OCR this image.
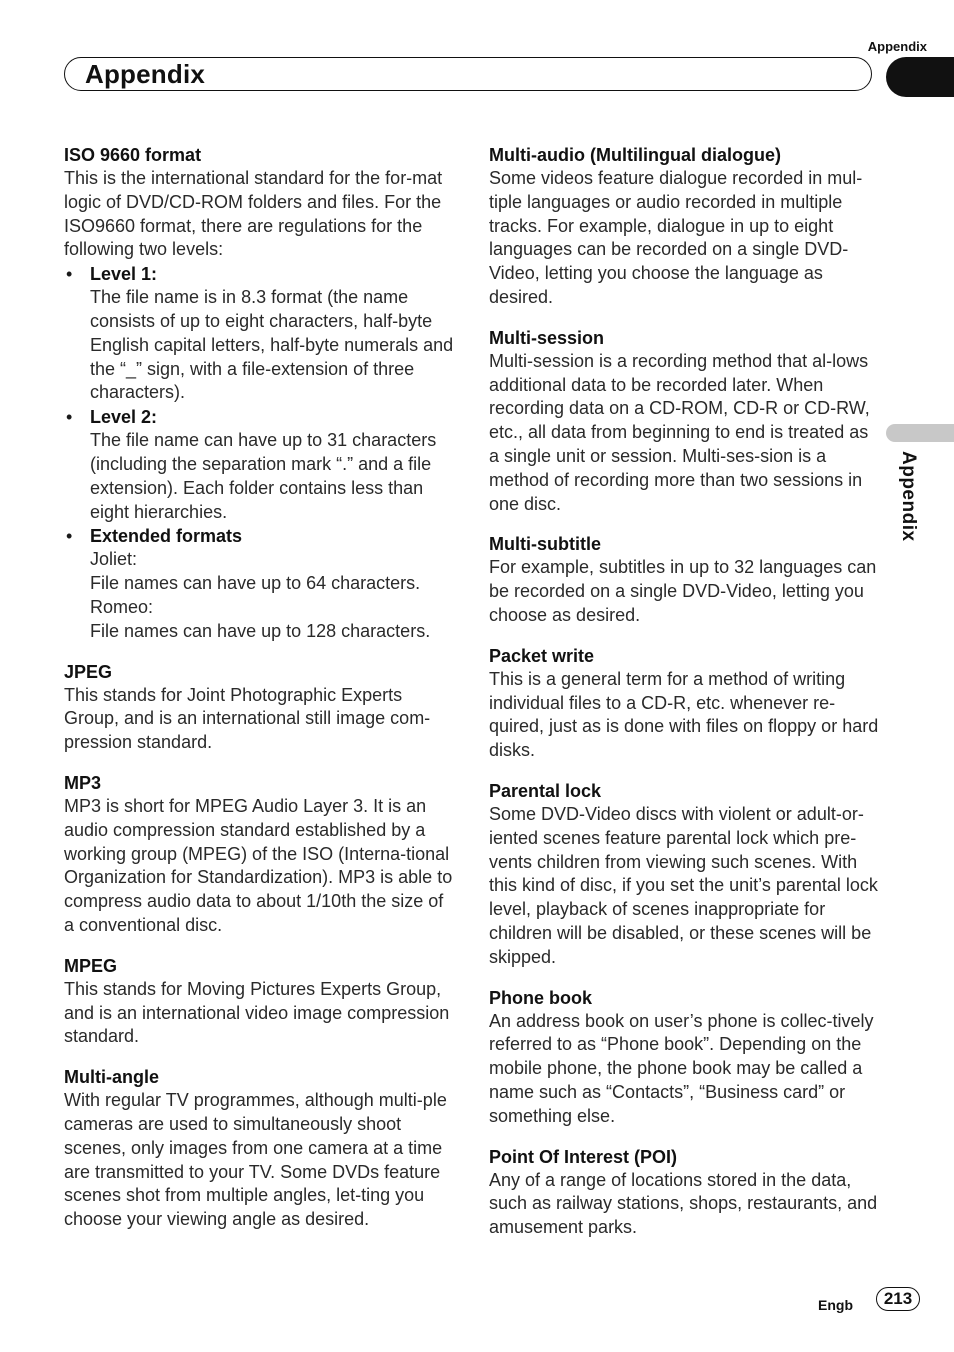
Appendix
Appendix
Appendix
ISO 9660 format
This is the international standard for the for-mat logic of DVD/CD-ROM folders and files. For the ISO9660 format, there are regulations for the following two levels:
• Level 1:
The file name is in 8.3 format (the name consists of up to eight characters, half-byte English capital letters, half-byte numerals and the “_” sign, with a file-extension of three characters).
• Level 2:
The file name can have up to 31 characters (including the separation mark “.” and a file extension). Each folder contains less than eight hierarchies.
• Extended formats
Joliet:
File names can have up to 64 characters.
Romeo:
File names can have up to 128 characters.
JPEG
This stands for Joint Photographic Experts Group, and is an international still image com-pression standard.
MP3
MP3 is short for MPEG Audio Layer 3. It is an audio compression standard established by a working group (MPEG) of the ISO (Interna-tional Organization for Standardization). MP3 is able to compress audio data to about 1/10th the size of a conventional disc.
MPEG
This stands for Moving Pictures Experts Group, and is an international video image compression standard.
Multi-angle
With regular TV programmes, although multi-ple cameras are used to simultaneously shoot scenes, only images from one camera at a time are transmitted to your TV. Some DVDs feature scenes shot from multiple angles, let-ting you choose your viewing angle as desired.
Multi-audio (Multilingual dialogue)
Some videos feature dialogue recorded in mul-tiple languages or audio recorded in multiple tracks. For example, dialogue in up to eight languages can be recorded on a single DVD-Video, letting you choose the language as desired.
Multi-session
Multi-session is a recording method that al-lows additional data to be recorded later. When recording data on a CD-ROM, CD-R or CD-RW, etc., all data from beginning to end is treated as a single unit or session. Multi-ses-sion is a method of recording more than two sessions in one disc.
Multi-subtitle
For example, subtitles in up to 32 languages can be recorded on a single DVD-Video, letting you choose as desired.
Packet write
This is a general term for a method of writing individual files to a CD-R, etc. whenever re-quired, just as is done with files on floppy or hard disks.
Parental lock
Some DVD-Video discs with violent or adult-or-iented scenes feature parental lock which pre-vents children from viewing such scenes. With this kind of disc, if you set the unit’s parental lock level, playback of scenes inappropriate for children will be disabled, or these scenes will be skipped.
Phone book
An address book on user’s phone is collec-tively referred to as “Phone book”. Depending on the mobile phone, the phone book may be called a name such as “Contacts”, “Business card” or something else.
Point Of Interest (POI)
Any of a range of locations stored in the data, such as railway stations, shops, restaurants, and amusement parks.
Engb	213
